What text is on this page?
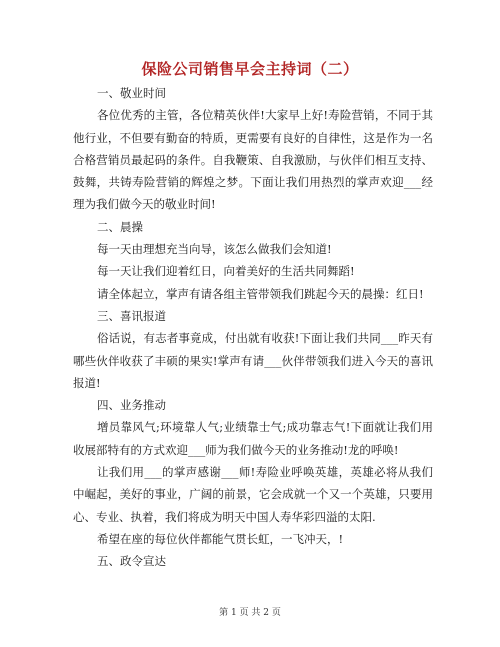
保险公司销售早会主持词（二）
一、敬业时间
各位优秀的主管，各位精英伙伴!大家早上好!寿险营销，不同于其他行业，不但要有勤奋的特质，更需要有良好的自律性，这是作为一名合格营销员最起码的条件。自我鞭策、自我激励，与伙伴们相互支持、鼓舞，共铸寿险营销的辉煌之梦。下面让我们用热烈的掌声欢迎___经理为我们做今天的敬业时间!
二、晨操
每一天由理想充当向导，该怎么做我们会知道!
每一天让我们迎着红日，向着美好的生活共同舞蹈!
请全体起立，掌声有请各组主管带领我们跳起今天的晨操：红日!
三、喜讯报道
俗话说，有志者事竟成，付出就有收获!下面让我们共同___昨天有哪些伙伴收获了丰硕的果实!掌声有请___伙伴带领我们进入今天的喜讯报道!
四、业务推动
增员靠风气;环境靠人气;业绩靠士气;成功靠志气!下面就让我们用收展部特有的方式欢迎___师为我们做今天的业务推动!龙的呼唤!
让我们用___的掌声感谢___师!寿险业呼唤英雄，英雄必将从我们中崛起，美好的事业，广阔的前景，它会成就一个又一个英雄，只要用心、专业、执着，我们将成为明天中国人寿华彩四溢的太阳.
希望在座的每位伙伴都能气贯长虹，一飞冲天，!
五、政令宣达
第 1 页 共 2 页
